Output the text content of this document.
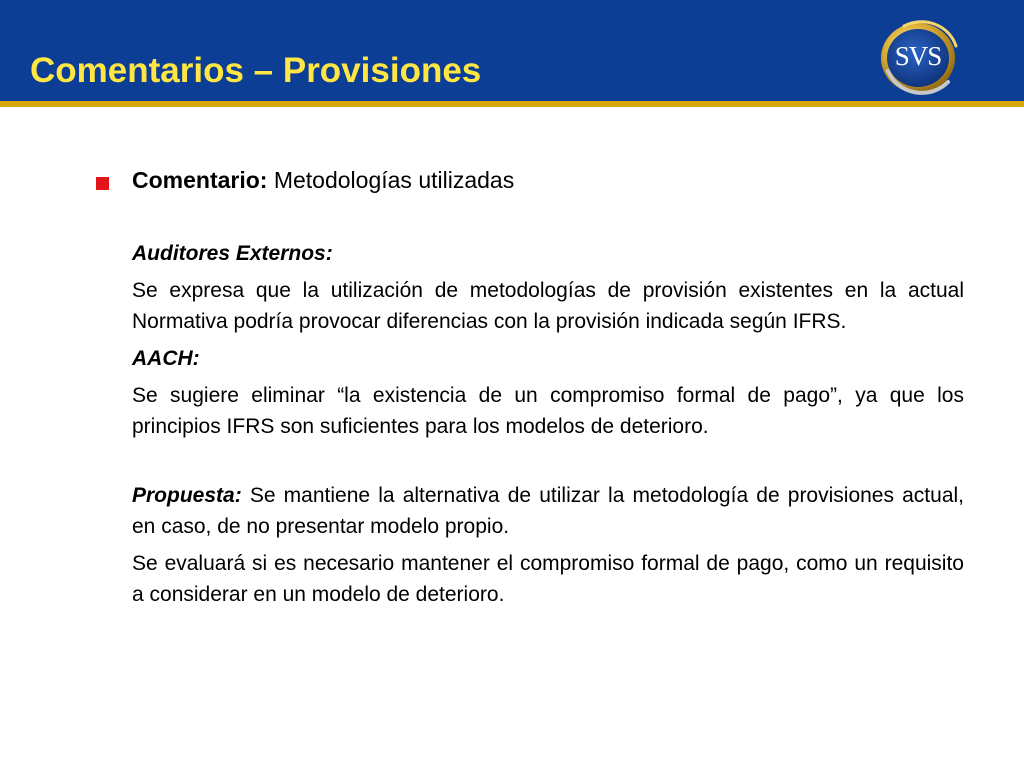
Comentarios – Provisiones	SVS

Comentario: Metodologías utilizadas

Auditores Externos:

Se expresa que la utilización de metodologías de provisión existentes en la actual Normativa podría provocar diferencias con la provisión indicada según IFRS.

AACH:

Se sugiere eliminar “la existencia de un compromiso formal de pago”, ya que los principios IFRS son suficientes para los modelos de deterioro.

Propuesta: Se mantiene la alternativa de utilizar la metodología de provisiones actual, en caso, de no presentar modelo propio.

Se evaluará si es necesario mantener el compromiso formal de pago, como un requisito a considerar en un modelo de deterioro.
